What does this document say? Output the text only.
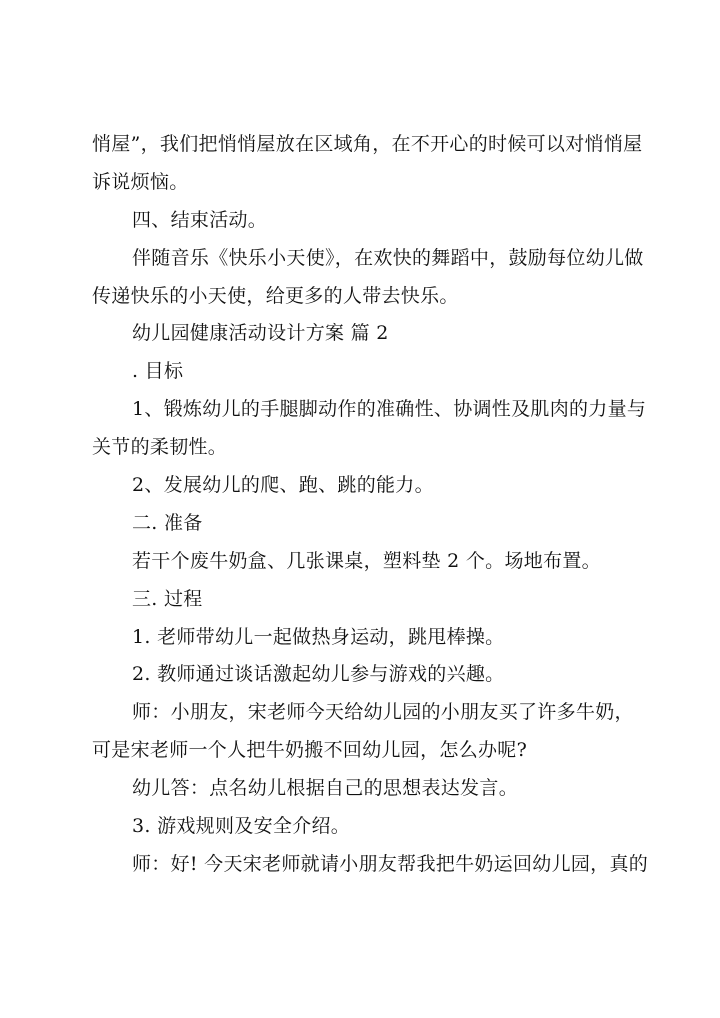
悄屋”，我们把悄悄屋放在区域角，在不开心的时候可以对悄悄屋
诉说烦恼。
四、结束活动。
伴随音乐《快乐小天使》，在欢快的舞蹈中，鼓励每位幼儿做
传递快乐的小天使，给更多的人带去快乐。
幼儿园健康活动设计方案 篇 2
. 目标
1、锻炼幼儿的手腿脚动作的准确性、协调性及肌肉的力量与
关节的柔韧性。
2、发展幼儿的爬、跑、跳的能力。
二. 准备
若干个废牛奶盒、几张课桌，塑料垫 2 个。场地布置。
三. 过程
1. 老师带幼儿一起做热身运动，跳甩棒操。
2. 教师通过谈话激起幼儿参与游戏的兴趣。
师：小朋友，宋老师今天给幼儿园的小朋友买了许多牛奶，
可是宋老师一个人把牛奶搬不回幼儿园，怎么办呢?
幼儿答：点名幼儿根据自己的思想表达发言。
3. 游戏规则及安全介绍。
师：好! 今天宋老师就请小朋友帮我把牛奶运回幼儿园，真的
